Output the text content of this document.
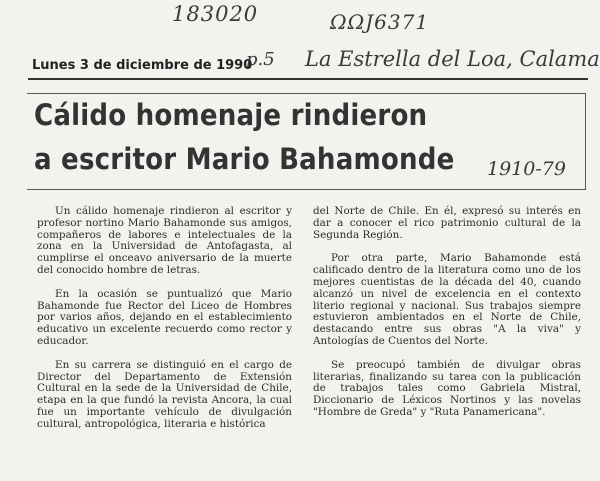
183020	ΩΩJ6371
p.5 La Estrella del Loa, Calama
Lunes 3 de diciembre de 1990
Cálido homenaje rindieron
a escritor Mario Bahamonde 1910-79

Un cálido homenaje rindieron al escritor y profesor nortino Mario Bahamonde sus amigos, compañeros de labores e intelectuales de la zona en la Universidad de Antofagasta, al cumplirse el onceavo aniversario de la muerte del conocido hombre de letras.

En la ocasión se puntualizó que Mario Bahamonde fue Rector del Liceo de Hombres por varios años, dejando en el establecimiento educativo un excelente recuerdo como rector y educador.

En su carrera se distinguió en el cargo de Director del Departamento de Extensión Cultural en la sede de la Universidad de Chile, etapa en la que fundó la revista Ancora, la cual fue un importante vehículo de divulgación cultural, antropológica, literaria e histórica

del Norte de Chile. En él, expresó su interés en dar a conocer el rico patrimonio cultural de la Segunda Región.

Por otra parte, Mario Bahamonde está calificado dentro de la literatura como uno de los mejores cuentistas de la década del 40, cuando alcanzó un nivel de excelencia en el contexto literio regional y nacional. Sus trabajos siempre estuvieron ambientados en el Norte de Chile, destacando entre sus obras "A la viva" y Antologías de Cuentos del Norte.

Se preocupó también de divulgar obras literarias, finalizando su tarea con la publicación de trabajos tales como Gabriela Mistral, Diccionario de Léxicos Nortinos y las novelas "Hombre de Greda" y "Ruta Panamericana".
